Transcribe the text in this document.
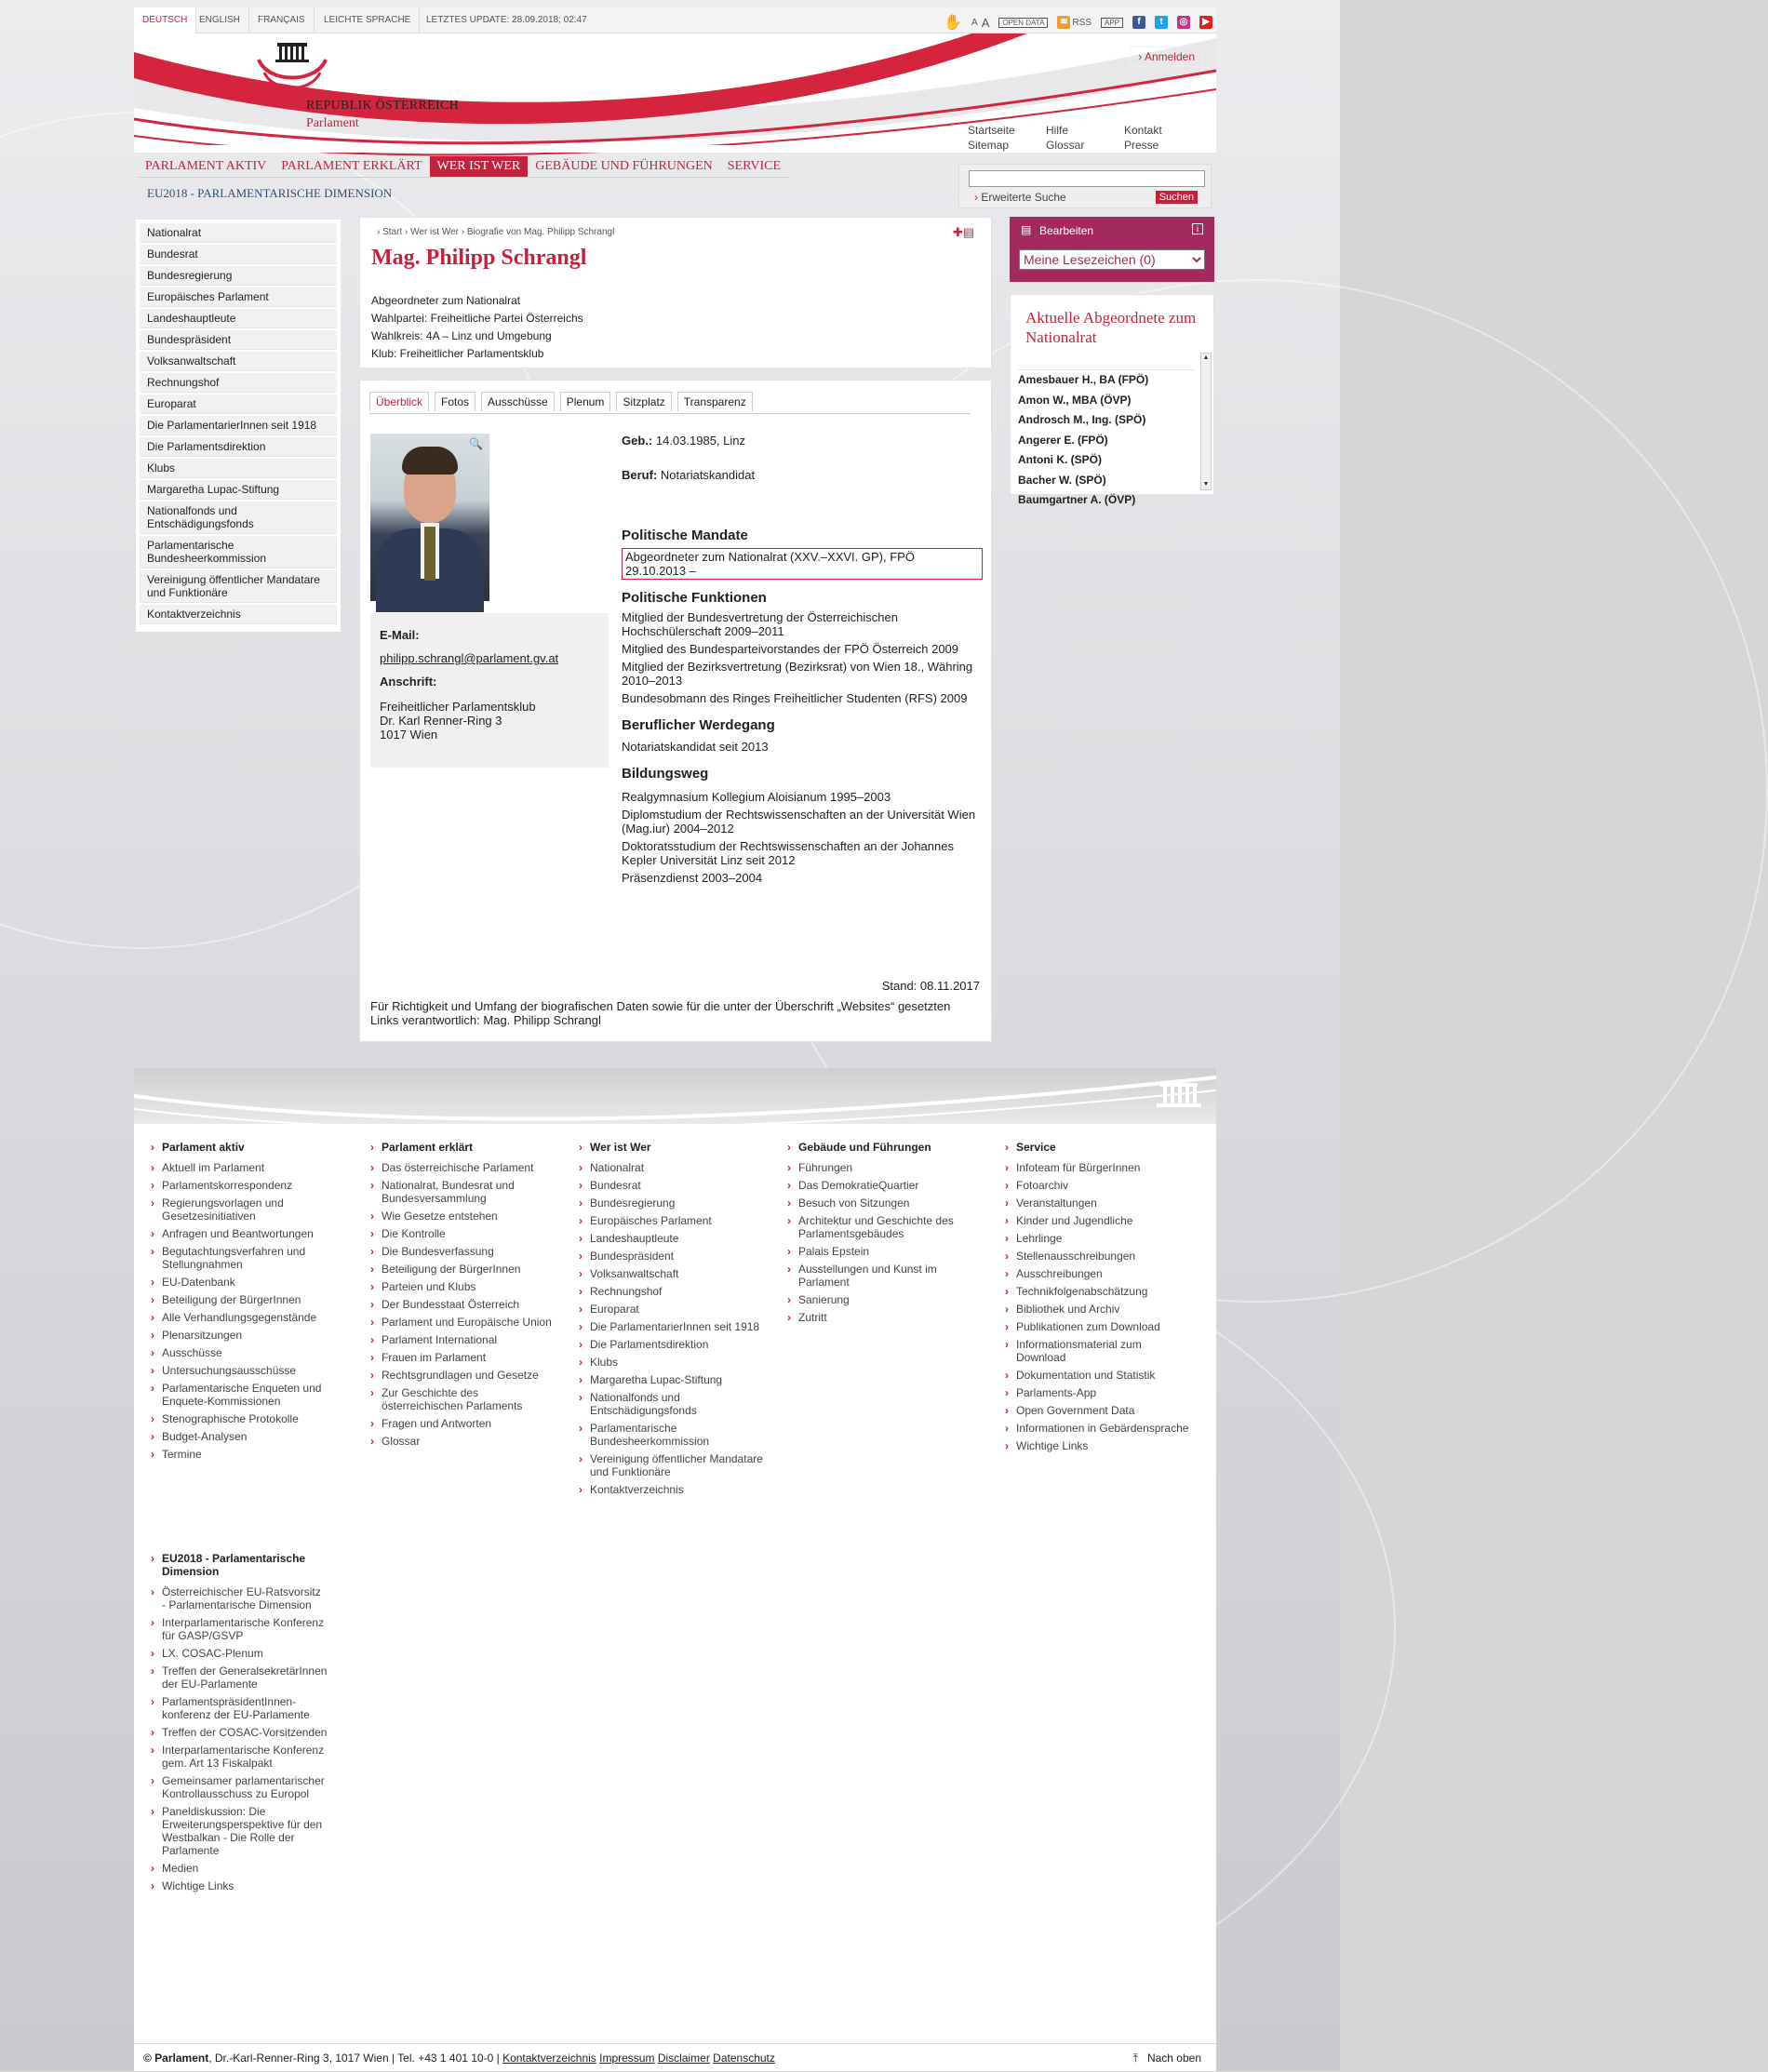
DEUTSCH	ENGLISH	FRANÇAIS	LEICHTE SPRACHE	LETZTES UPDATE: 28.09.2018; 02:47	✋ A A	OPEN DATA	≋ RSS	APP	f	t	◎	▶
REPUBLIK ÖSTERREICH
Parlament
› Anmelden
Startseite	Hilfe	Kontakt
Sitemap	Glossar	Presse
PARLAMENT AKTIV	PARLAMENT ERKLÄRT	WER IST WER	GEBÄUDE UND FÜHRUNGEN	SERVICE
EU2018 - PARLAMENTARISCHE DIMENSION	› Erweiterte Suche	Suchen
Nationalrat
Bundesrat
Bundesregierung
Europäisches Parlament
Landeshauptleute
Bundespräsident
Volksanwaltschaft
Rechnungshof
Europarat
Die ParlamentarierInnen seit 1918
Die Parlamentsdirektion
Klubs
Margaretha Lupac-Stiftung
Nationalfonds und Entschädigungsfonds
Parlamentarische Bundesheerkommission
Vereinigung öffentlicher Mandatare und Funktionäre
Kontaktverzeichnis
› Start › Wer ist Wer › Biografie von Mag. Philipp Schrangl	✚▤
Mag. Philipp Schrangl
Abgeordneter zum Nationalrat
Wahlpartei: Freiheitliche Partei Österreichs
Wahlkreis: 4A – Linz und Umgebung
Klub: Freiheitlicher Parlamentsklub
Überblick	Fotos	Ausschüsse	Plenum	Sitzplatz	Transparenz
🔍
E-Mail:
philipp.schrangl@parlament.gv.at
Anschrift:
Freiheitlicher Parlamentsklub
Dr. Karl Renner-Ring 3
1017 Wien
Geb.: 14.03.1985, Linz
Beruf: Notariatskandidat
Politische Mandate
Abgeordneter zum Nationalrat (XXV.–XXVI. GP), FPÖ
29.10.2013 –
Politische Funktionen
Mitglied der Bundesvertretung der Österreichischen Hochschülerschaft 2009–2011
Mitglied des Bundesparteivorstandes der FPÖ Österreich 2009
Mitglied der Bezirksvertretung (Bezirksrat) von Wien 18., Währing 2010–2013
Bundesobmann des Ringes Freiheitlicher Studenten (RFS) 2009
Beruflicher Werdegang
Notariatskandidat seit 2013
Bildungsweg
Realgymnasium Kollegium Aloisianum 1995–2003
Diplomstudium der Rechtswissenschaften an der Universität Wien (Mag.iur) 2004–2012
Doktoratsstudium der Rechtswissenschaften an der Johannes Kepler Universität Linz seit 2012
Präsenzdienst 2003–2004
Stand: 08.11.2017
Für Richtigkeit und Umfang der biografischen Daten sowie für die unter der Überschrift „Websites“ gesetzten Links verantwortlich: Mag. Philipp Schrangl
▤ Bearbeiten	i
Meine Lesezeichen (0)
Aktuelle Abgeordnete zum Nationalrat
Amesbauer H., BA (FPÖ)
Amon W., MBA (ÖVP)
Androsch M., Ing. (SPÖ)
Angerer E. (FPÖ)
Antoni K. (SPÖ)
Bacher W. (SPÖ)
Baumgartner A. (ÖVP)
▲
▼
› Parlament aktiv
› Aktuell im Parlament
› Parlamentskorrespondenz
› Regierungsvorlagen und Gesetzesinitiativen
› Anfragen und Beantwortungen
› Begutachtungsverfahren und Stellungnahmen
› EU-Datenbank
› Beteiligung der BürgerInnen
› Alle Verhandlungsgegenstände
› Plenarsitzungen
› Ausschüsse
› Untersuchungsausschüsse
› Parlamentarische Enqueten und Enquete-Kommissionen
› Stenographische Protokolle
› Budget-Analysen
› Termine
› Parlament erklärt
› Das österreichische Parlament
› Nationalrat, Bundesrat und Bundesversammlung
› Wie Gesetze entstehen
› Die Kontrolle
› Die Bundesverfassung
› Beteiligung der BürgerInnen
› Parteien und Klubs
› Der Bundesstaat Österreich
› Parlament und Europäische Union
› Parlament International
› Frauen im Parlament
› Rechtsgrundlagen und Gesetze
› Zur Geschichte des österreichischen Parlaments
› Fragen und Antworten
› Glossar
› Wer ist Wer
› Nationalrat
› Bundesrat
› Bundesregierung
› Europäisches Parlament
› Landeshauptleute
› Bundespräsident
› Volksanwaltschaft
› Rechnungshof
› Europarat
› Die ParlamentarierInnen seit 1918
› Die Parlamentsdirektion
› Klubs
› Margaretha Lupac-Stiftung
› Nationalfonds und Entschädigungsfonds
› Parlamentarische Bundesheerkommission
› Vereinigung öffentlicher Mandatare und Funktionäre
› Kontaktverzeichnis
› Gebäude und Führungen
› Führungen
› Das DemokratieQuartier
› Besuch von Sitzungen
› Architektur und Geschichte des Parlamentsgebäudes
› Palais Epstein
› Ausstellungen und Kunst im Parlament
› Sanierung
› Zutritt
› Service
› Infoteam für BürgerInnen
› Fotoarchiv
› Veranstaltungen
› Kinder und Jugendliche
› Lehrlinge
› Stellenausschreibungen
› Ausschreibungen
› Technikfolgenabschätzung
› Bibliothek und Archiv
› Publikationen zum Download
› Informationsmaterial zum Download
› Dokumentation und Statistik
› Parlaments-App
› Open Government Data
› Informationen in Gebärdensprache
› Wichtige Links
› EU2018 - Parlamentarische Dimension
› Österreichischer EU-Ratsvorsitz - Parlamentarische Dimension
› Interparlamentarische Konferenz für GASP/GSVP
› LX. COSAC-Plenum
› Treffen der GeneralsekretärInnen der EU-Parlamente
› ParlamentspräsidentInnen-konferenz der EU-Parlamente
› Treffen der COSAC-Vorsitzenden
› Interparlamentarische Konferenz gem. Art 13 Fiskalpakt
› Gemeinsamer parlamentarischer Kontrollausschuss zu Europol
› Paneldiskussion: Die Erweiterungsperspektive für den Westbalkan - Die Rolle der Parlamente
› Medien
› Wichtige Links
© Parlament, Dr.-Karl-Renner-Ring 3, 1017 Wien | Tel. +43 1 401 10-0 | Kontaktverzeichnis Impressum Disclaimer Datenschutz	⤒ Nach oben
